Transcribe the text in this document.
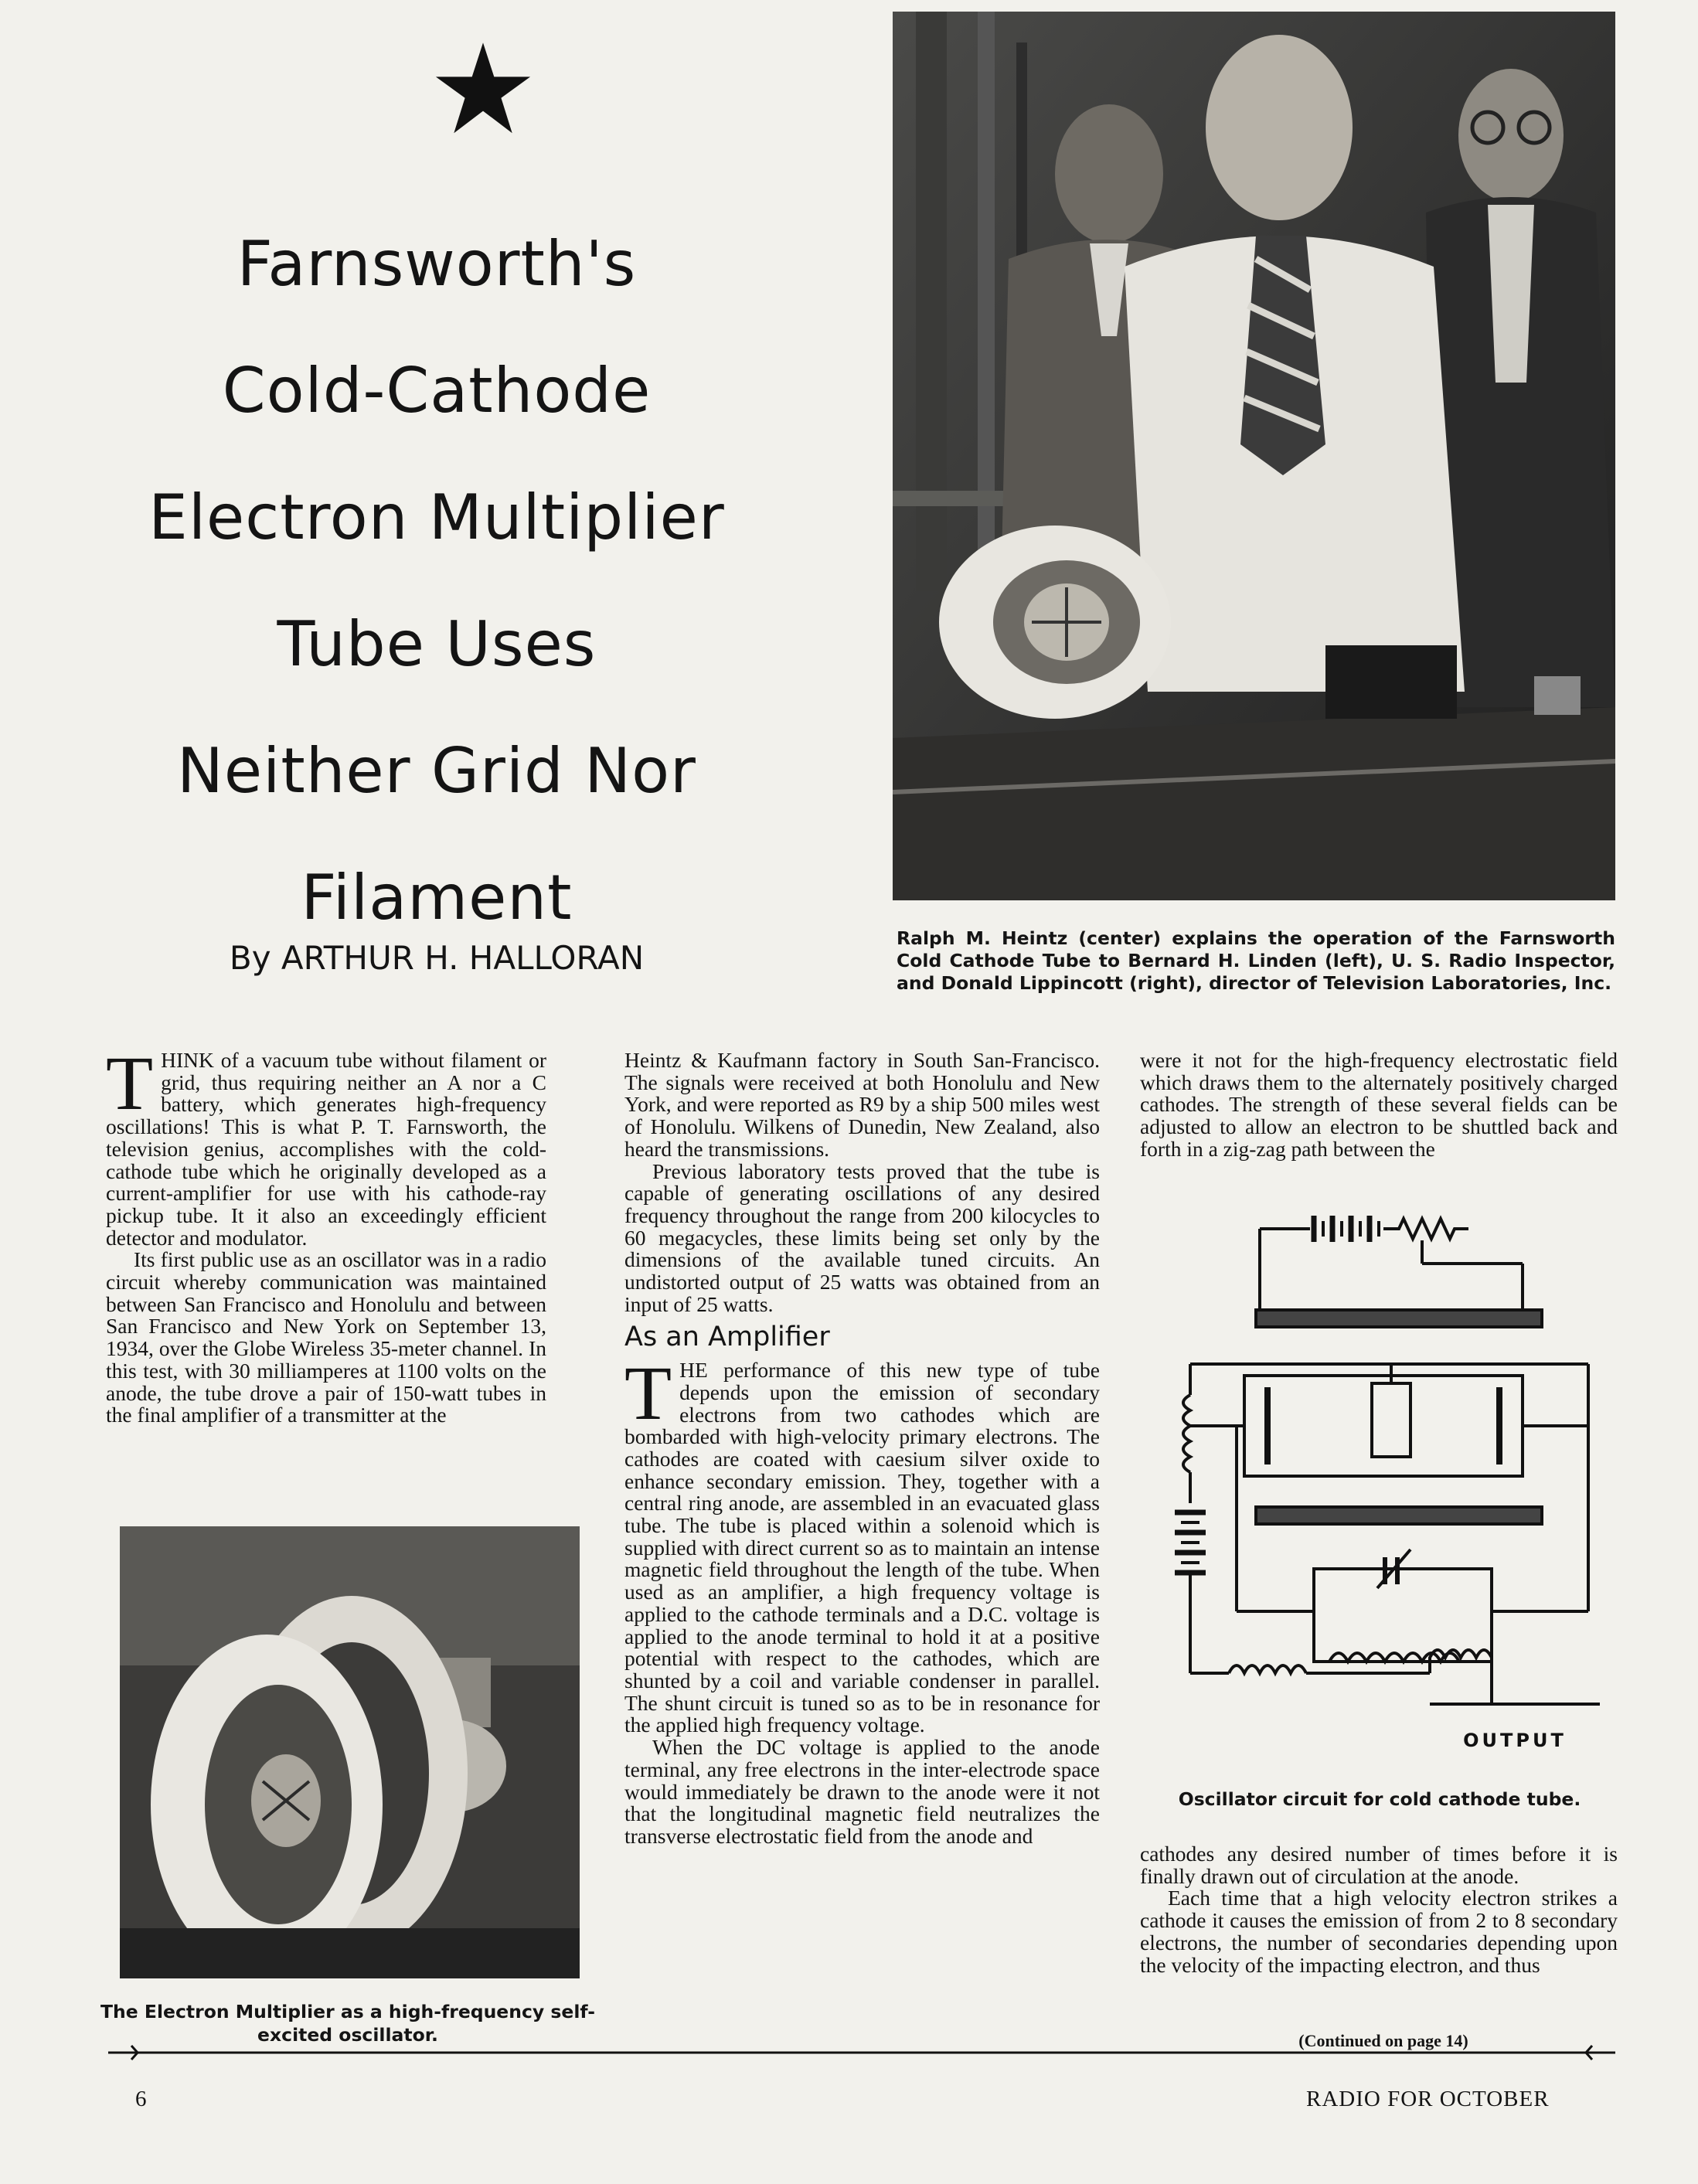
Farnsworth's
Cold-Cathode
Electron Multiplier
Tube Uses
Neither Grid Nor
Filament
By ARTHUR H. HALLORAN
Ralph M. Heintz (center) explains the operation of the Farnsworth Cold Cathode Tube to Bernard H. Linden (left), U. S. Radio Inspector, and Donald Lippincott (right), director of Television Laboratories, Inc.

THINK of a vacuum tube without filament or grid, thus requiring neither an A nor a C battery, which generates high-frequency oscillations! This is what P. T. Farnsworth, the television genius, accomplishes with the cold-cathode tube which he originally developed as a current-amplifier for use with his cathode-ray pickup tube. It it also an exceedingly efficient detector and modulator.

Its first public use as an oscillator was in a radio circuit whereby communication was maintained between San Francisco and Honolulu and between San Francisco and New York on September 13, 1934, over the Globe Wireless 35-meter channel. In this test, with 30 milliamperes at 1100 volts on the anode, the tube drove a pair of 150-watt tubes in the final amplifier of a transmitter at the

The Electron Multiplier as a high-frequency self-excited oscillator.

Heintz & Kaufmann factory in South San-Francisco. The signals were received at both Honolulu and New York, and were reported as R9 by a ship 500 miles west of Honolulu. Wilkens of Dunedin, New Zealand, also heard the transmissions.

Previous laboratory tests proved that the tube is capable of generating oscillations of any desired frequency throughout the range from 200 kilocycles to 60 megacycles, these limits being set only by the dimensions of the available tuned circuits. An undistorted output of 25 watts was obtained from an input of 25 watts.

As an Amplifier

THE performance of this new type of tube depends upon the emission of secondary electrons from two cathodes which are bombarded with high-velocity primary electrons. The cathodes are coated with caesium silver oxide to enhance secondary emission. They, together with a central ring anode, are assembled in an evacuated glass tube. The tube is placed within a solenoid which is supplied with direct current so as to maintain an intense magnetic field throughout the length of the tube. When used as an amplifier, a high frequency voltage is applied to the cathode terminals and a D.C. voltage is applied to the anode terminal to hold it at a positive potential with respect to the cathodes, which are shunted by a coil and variable condenser in parallel. The shunt circuit is tuned so as to be in resonance for the applied high frequency voltage.

When the DC voltage is applied to the anode terminal, any free electrons in the inter-electrode space would immediately be drawn to the anode were it not that the longitudinal magnetic field neutralizes the transverse electrostatic field from the anode and

were it not for the high-frequency electrostatic field which draws them to the alternately positively charged cathodes. The strength of these several fields can be adjusted to allow an electron to be shuttled back and forth in a zig-zag path between the

OUTPUT
Oscillator circuit for cold cathode tube.

cathodes any desired number of times before it is finally drawn out of circulation at the anode.

Each time that a high velocity electron strikes a cathode it causes the emission of from 2 to 8 secondary electrons, the number of secondaries depending upon the velocity of the impacting electron, and thus

(Continued on page 14)
6	RADIO FOR OCTOBER
